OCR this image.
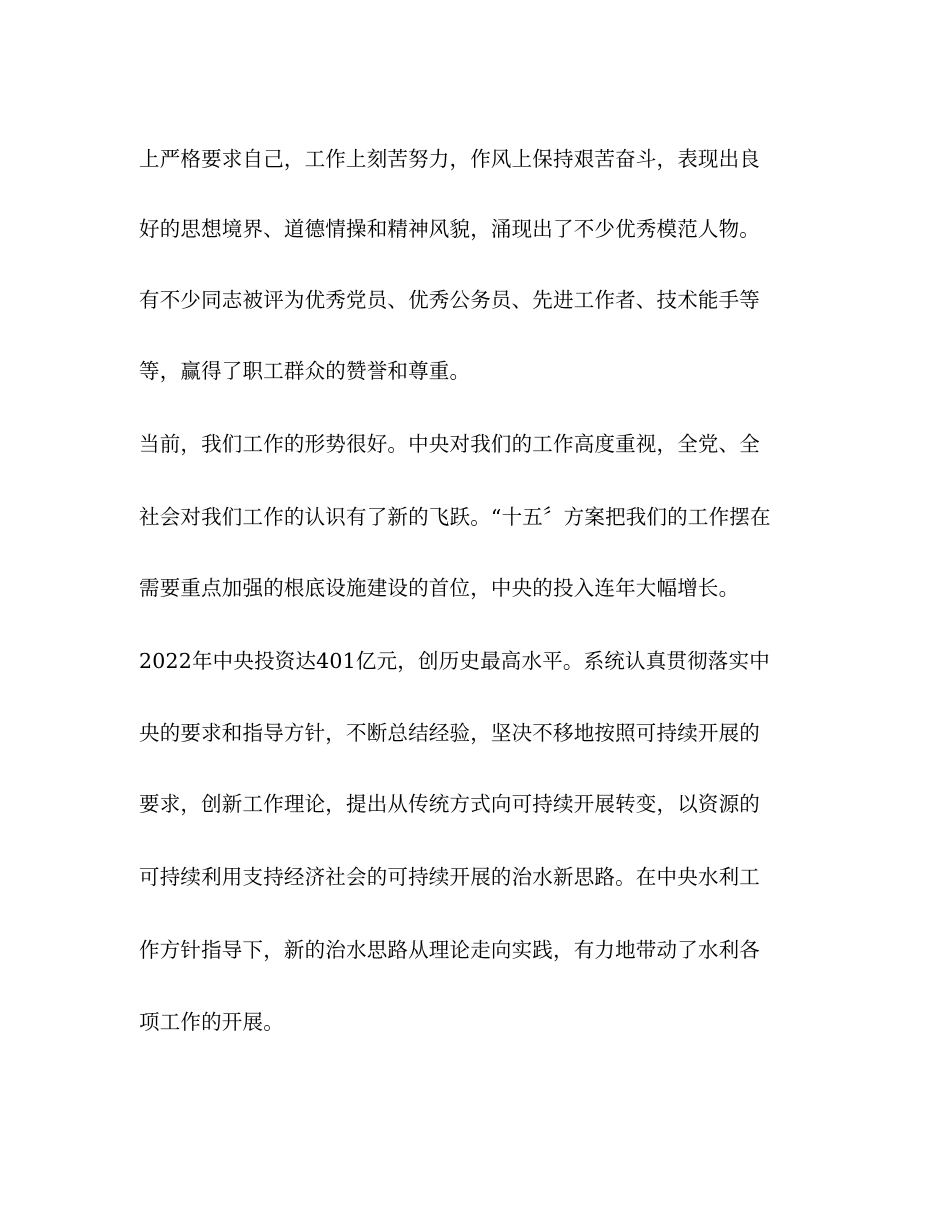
上严格要求自己，工作上刻苦努力，作风上保持艰苦奋斗，表现出良
好的思想境界、道德情操和精神风貌，涌现出了不少优秀模范人物。
有不少同志被评为优秀党员、优秀公务员、先进工作者、技术能手等
等，赢得了职工群众的赞誉和尊重。
当前，我们工作的形势很好。中央对我们的工作高度重视，全党、全
社会对我们工作的认识有了新的飞跃。“十五〞方案把我们的工作摆在
需要重点加强的根底设施建设的首位，中央的投入连年大幅增长。
2022年中央投资达401亿元，创历史最高水平。系统认真贯彻落实中
央的要求和指导方针，不断总结经验，坚决不移地按照可持续开展的
要求，创新工作理论，提出从传统方式向可持续开展转变，以资源的
可持续利用支持经济社会的可持续开展的治水新思路。在中央水利工
作方针指导下，新的治水思路从理论走向实践，有力地带动了水利各
项工作的开展。
